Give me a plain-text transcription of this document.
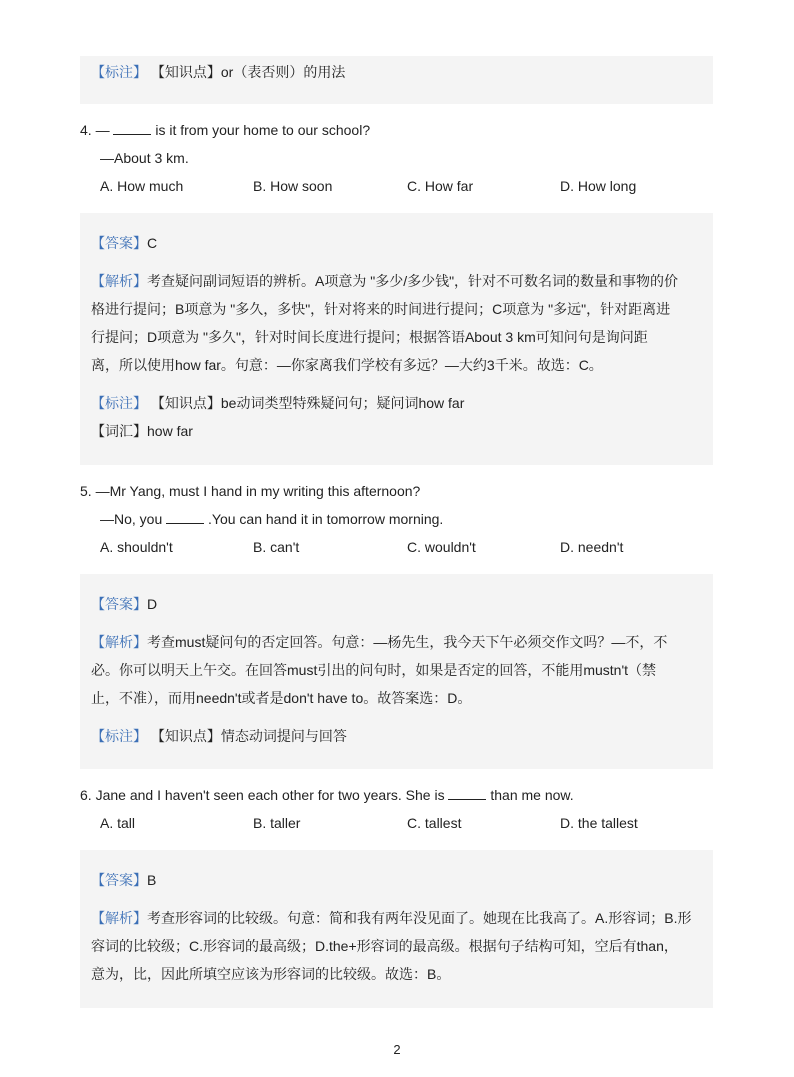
【标注】 【知识点】or（表否则）的用法
4. —	is it from your home to our school?
—About 3 km.
A. How much	B. How soon	C. How far	D. How long
【答案】C
【解析】考查疑问副词短语的辨析。A项意为 "多少/多少钱"，针对不可数名词的数量和事物的价
格进行提问；B项意为 "多久，多快"，针对将来的时间进行提问；C项意为 "多远"，针对距离进
行提问；D项意为 "多久"，针对时间长度进行提问；根据答语About 3 km可知问句是询问距
离，所以使用how far。句意：—你家离我们学校有多远？—大约3千米。故选：C。
【标注】 【知识点】be动词类型特殊疑问句；疑问词how far
【词汇】how far
5. —Mr Yang, must I hand in my writing this afternoon?
—No, you	.You can hand it in tomorrow morning.
A. shouldn't	B. can't	C. wouldn't	D. needn't
【答案】D
【解析】考查must疑问句的否定回答。句意：—杨先生，我今天下午必须交作文吗？—不，不
必。你可以明天上午交。在回答must引出的问句时，如果是否定的回答，不能用mustn't（禁
止，不准），而用needn't或者是don't have to。故答案选：D。
【标注】 【知识点】情态动词提问与回答
6. Jane and I haven't seen each other for two years. She is	than me now.
A. tall	B. taller	C. tallest	D. the tallest
【答案】B
【解析】考查形容词的比较级。句意：简和我有两年没见面了。她现在比我高了。A.形容词；B.形
容词的比较级；C.形容词的最高级；D.the+形容词的最高级。根据句子结构可知，空后有than，
意为，比，因此所填空应该为形容词的比较级。故选：B。
2
